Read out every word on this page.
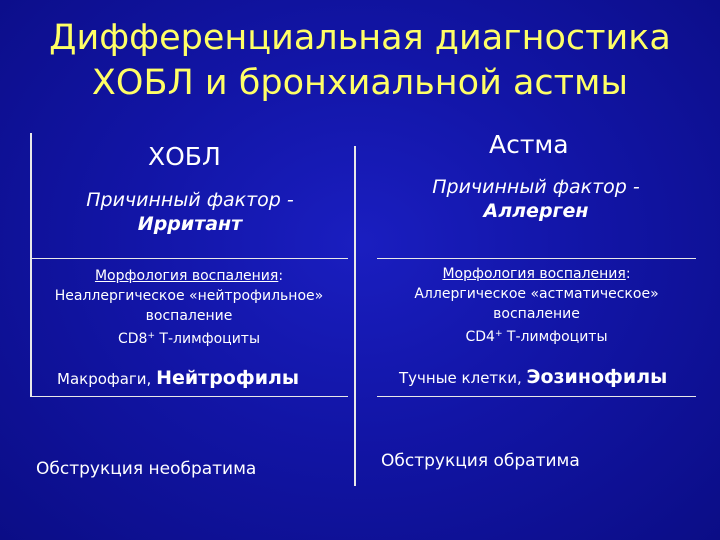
Дифференциальная диагностика
ХОБЛ и бронхиальной астмы
ХОБЛ
Причинный фактор -
Ирритант
Морфология воспаления:
Неаллергическое «нейтрофильное»
воспаление
CD8+ Т-лимфоциты
Макрофаги, Нейтрофилы
Обструкция необратима
Астма
Причинный фактор -
Аллерген
Морфология воспаления:
Аллергическое «астматическое»
воспаление
CD4+ Т-лимфоциты
Тучные клетки, Эозинофилы
Обструкция обратима
